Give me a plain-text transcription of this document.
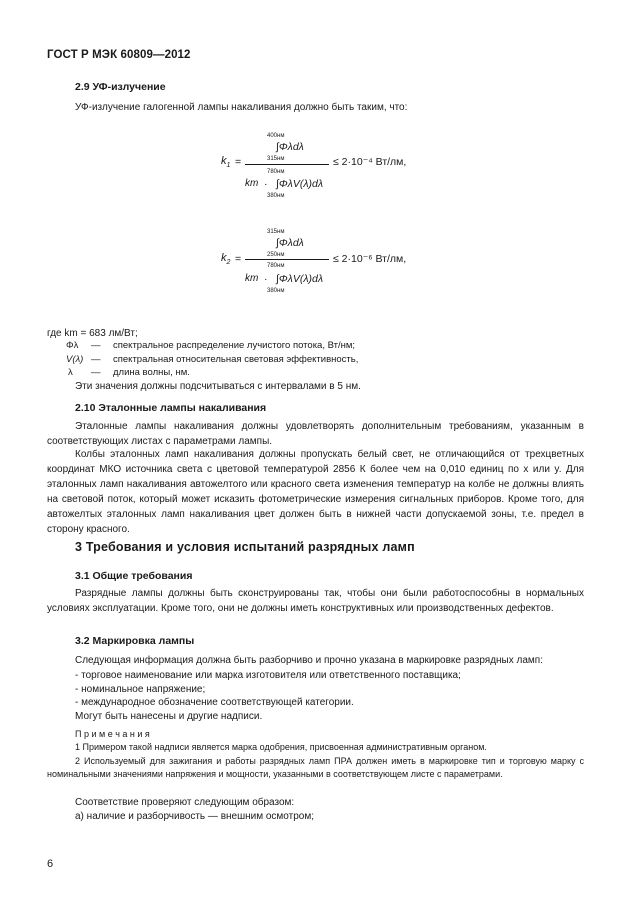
ГОСТ Р МЭК 60809—2012
2.9 УФ-излучение
УФ-излучение галогенной лампы накаливания должно быть таким, что:
$k_1$ =
400нм
∫Φλdλ
315нм
780нм
km · ∫ΦλV(λ)dλ
380нм
≤ 2·10⁻⁴ Вт/лм,
$k_2$ =
315нм
∫Φλdλ
250нм
780нм
km · ∫ΦλV(λ)dλ
380нм
≤ 2·10⁻⁶ Вт/лм,
где km = 683 лм/Вт;
Φλ — спектральное распределение лучистого потока, Вт/нм;
V(λ) — спектральная относительная световая эффективность,
λ — длина волны, нм.
Эти значения должны подсчитываться с интервалами в 5 нм.
2.10 Эталонные лампы накаливания
Эталонные лампы накаливания должны удовлетворять дополнительным требованиям, указанным в соответствующих листах с параметрами лампы.
Колбы эталонных ламп накаливания должны пропускать белый свет, не отличающийся от трехцветных координат МКО источника света с цветовой температурой 2856 К более чем на 0,010 единиц по x или y. Для эталонных ламп накаливания автожелтого или красного света изменения температур на колбе не должны влиять на световой поток, который может исказить фотометрические измерения сигнальных приборов. Кроме того, для автожелтых эталонных ламп накаливания цвет должен быть в нижней части допускаемой зоны, т.е. предел в сторону красного.
3 Требования и условия испытаний разрядных ламп
3.1 Общие требования
Разрядные лампы должны быть сконструированы так, чтобы они были работоспособны в нормальных условиях эксплуатации. Кроме того, они не должны иметь конструктивных или производственных дефектов.
3.2 Маркировка лампы
Следующая информация должна быть разборчиво и прочно указана в маркировке разрядных ламп:
- торговое наименование или марка изготовителя или ответственного поставщика;
- номинальное напряжение;
- международное обозначение соответствующей категории.
Могут быть нанесены и другие надписи.
П р и м е ч а н и я
1 Примером такой надписи является марка одобрения, присвоенная административным органом.
2 Используемый для зажигания и работы разрядных ламп ПРА должен иметь в маркировке тип и торговую марку с номинальными значениями напряжения и мощности, указанными в соответствующем листе с параметрами.
Соответствие проверяют следующим образом:
а) наличие и разборчивость — внешним осмотром;
6
